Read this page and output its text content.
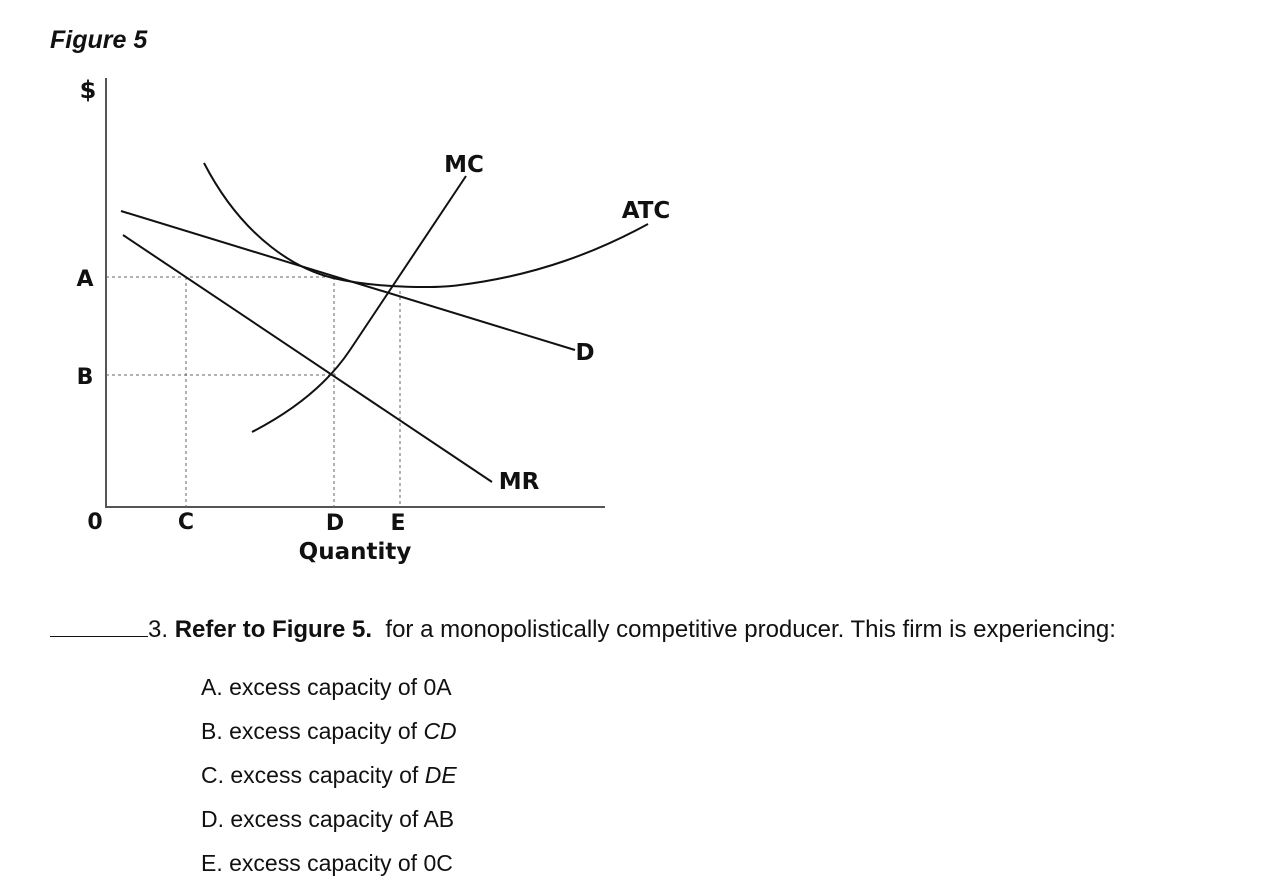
Figure 5
MC
ATC
D
MR
$
A
B
0	C	D E
Quantity
3. Refer to Figure 5. for a monopolistically competitive producer. This firm is experiencing:
A. excess capacity of 0A
B. excess capacity of CD
C. excess capacity of DE
D. excess capacity of AB
E. excess capacity of 0C
